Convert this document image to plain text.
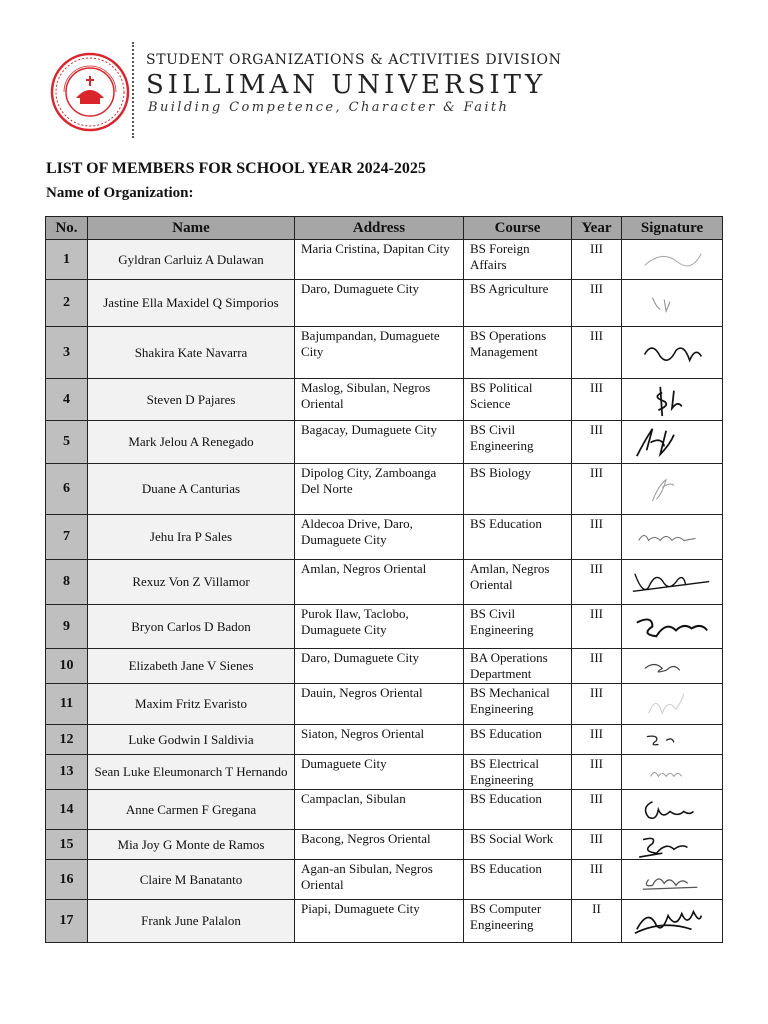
STUDENT ORGANIZATIONS & ACTIVITIES DIVISION
SILLIMAN UNIVERSITY
Building Competence, Character & Faith
LIST OF MEMBERS FOR SCHOOL YEAR 2024-2025
Name of Organization:
No.	Name	Address	Course	Year	Signature
1	Gyldran Carluiz A Dulawan	Maria Cristina, Dapitan City	BS Foreign Affairs	III	

2	Jastine Ella Maxidel Q Simporios	Daro, Dumaguete City	BS Agriculture	III	

3	Shakira Kate Navarra	Bajumpandan, Dumaguete City	BS Operations Management	III	

4	Steven D Pajares	Maslog, Sibulan, Negros Oriental	BS Political Science	III	

5	Mark Jelou A Renegado	Bagacay, Dumaguete City	BS Civil Engineering	III	

6	Duane A Canturias	Dipolog City, Zamboanga Del Norte	BS Biology	III	

7	Jehu Ira P Sales	Aldecoa Drive, Daro, Dumaguete City	BS Education	III	

8	Rexuz Von Z Villamor	Amlan, Negros Oriental	Amlan, Negros Oriental	III	

9	Bryon Carlos D Badon	Purok Ilaw, Taclobo, Dumaguete City	BS Civil Engineering	III	

10	Elizabeth Jane V Sienes	Daro, Dumaguete City	BA Operations Department	III	

11	Maxim Fritz Evaristo	Dauin, Negros Oriental	BS Mechanical Engineering	III	

12	Luke Godwin I Saldivia	Siaton, Negros Oriental	BS Education	III	

13	Sean Luke Eleumonarch T Hernando	Dumaguete City	BS Electrical Engineering	III	

14	Anne Carmen F Gregana	Campaclan, Sibulan	BS Education	III	

15	Mia Joy G Monte de Ramos	Bacong, Negros Oriental	BS Social Work	III	

16	Claire M Banatanto	Agan-an Sibulan, Negros Oriental	BS Education	III	

17	Frank June Palalon	Piapi, Dumaguete City	BS Computer Engineering	II	
